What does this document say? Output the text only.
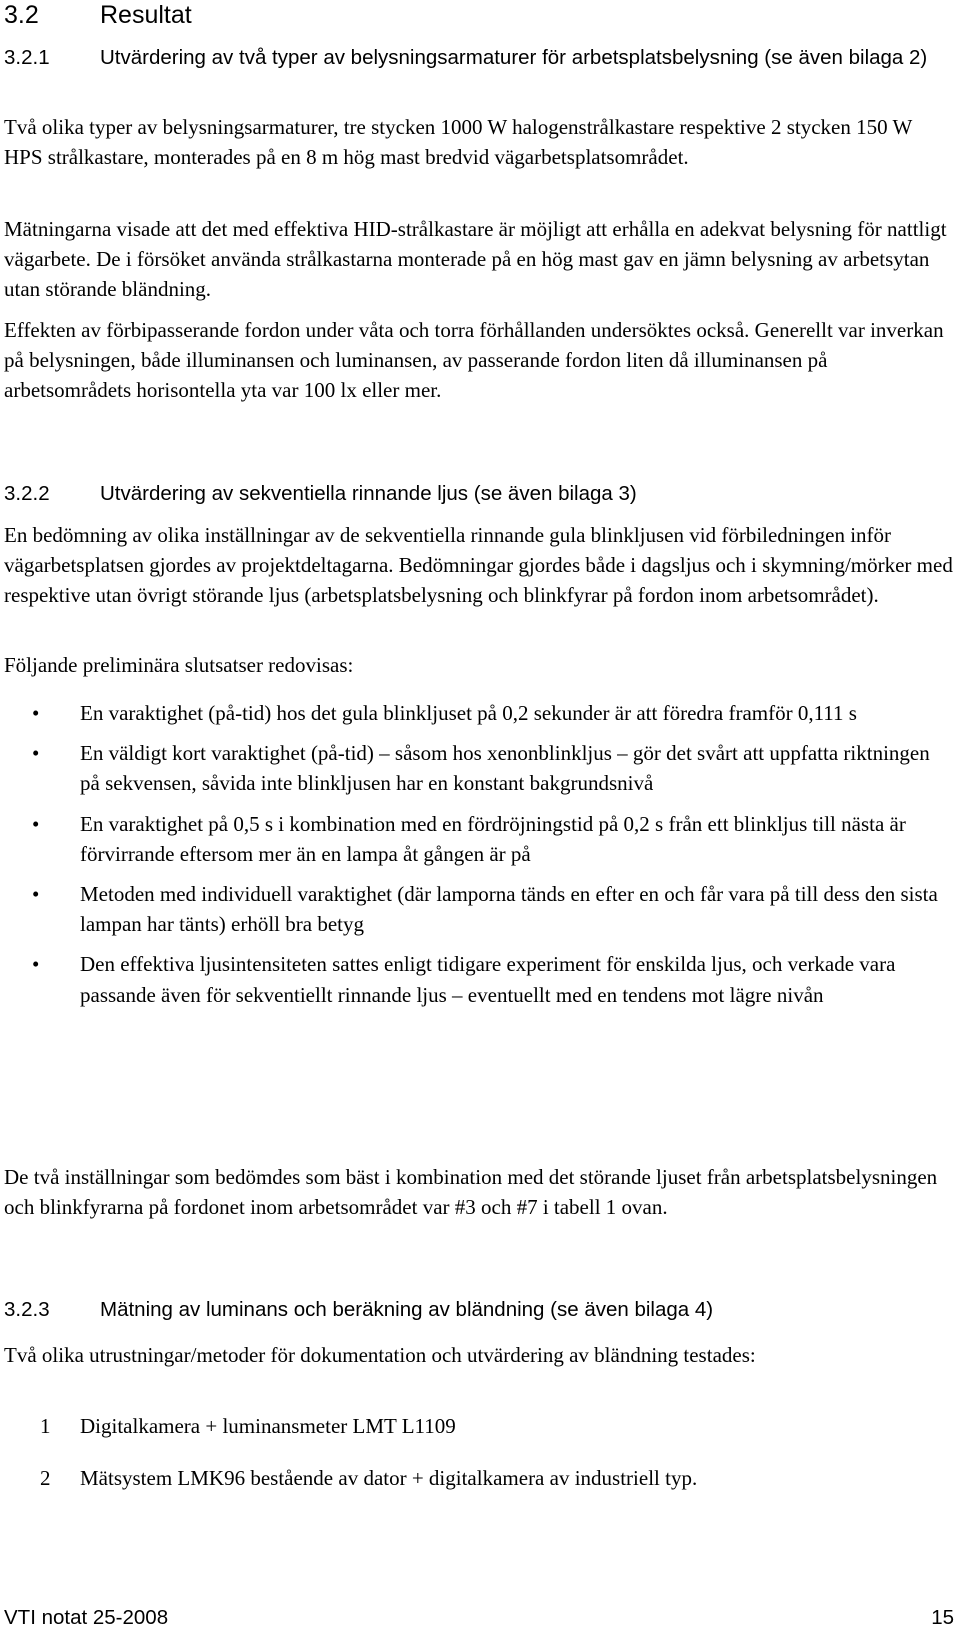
3.2 Resultat
3.2.1 Utvärdering av två typer av belysningsarmaturer för arbetsplatsbelysning (se även bilaga 2)

Två olika typer av belysningsarmaturer, tre stycken 1000 W halogenstrålkastare respektive 2 stycken 150 W HPS strålkastare, monterades på en 8 m hög mast bredvid vägarbetsplatsområdet.

Mätningarna visade att det med effektiva HID-strålkastare är möjligt att erhålla en adekvat belysning för nattligt vägarbete. De i försöket använda strålkastarna monterade på en hög mast gav en jämn belysning av arbetsytan utan störande bländning.

Effekten av förbipasserande fordon under våta och torra förhållanden undersöktes också. Generellt var inverkan på belysningen, både illuminansen och luminansen, av passerande fordon liten då illuminansen på arbetsområdets horisontella yta var 100 lx eller mer.

3.2.2 Utvärdering av sekventiella rinnande ljus (se även bilaga 3)

En bedömning av olika inställningar av de sekventiella rinnande gula blinkljusen vid förbiledningen inför vägarbetsplatsen gjordes av projektdeltagarna. Bedömningar gjordes både i dagsljus och i skymning/mörker med respektive utan övrigt störande ljus (arbetsplatsbelysning och blinkfyrar på fordon inom arbetsområdet).

Följande preliminära slutsatser redovisas:

• En varaktighet (på-tid) hos det gula blinkljuset på 0,2 sekunder är att föredra framför 0,111 s
• En väldigt kort varaktighet (på-tid) – såsom hos xenonblinkljus – gör det svårt att uppfatta riktningen på sekvensen, såvida inte blinkljusen har en konstant bakgrundsnivå
• En varaktighet på 0,5 s i kombination med en fördröjningstid på 0,2 s från ett blinkljus till nästa är förvirrande eftersom mer än en lampa åt gången är på
• Metoden med individuell varaktighet (där lamporna tänds en efter en och får vara på till dess den sista lampan har tänts) erhöll bra betyg
• Den effektiva ljusintensiteten sattes enligt tidigare experiment för enskilda ljus, och verkade vara passande även för sekventiellt rinnande ljus – eventuellt med en tendens mot lägre nivån

De två inställningar som bedömdes som bäst i kombination med det störande ljuset från arbetsplatsbelysningen och blinkfyrarna på fordonet inom arbetsområdet var #3 och #7 i tabell 1 ovan.

3.2.3 Mätning av luminans och beräkning av bländning (se även bilaga 4)

Två olika utrustningar/metoder för dokumentation och utvärdering av bländning testades:

1 Digitalkamera + luminansmeter LMT L1109
2 Mätsystem LMK96 bestående av dator + digitalkamera av industriell typ.
VTI notat 25-2008	15
